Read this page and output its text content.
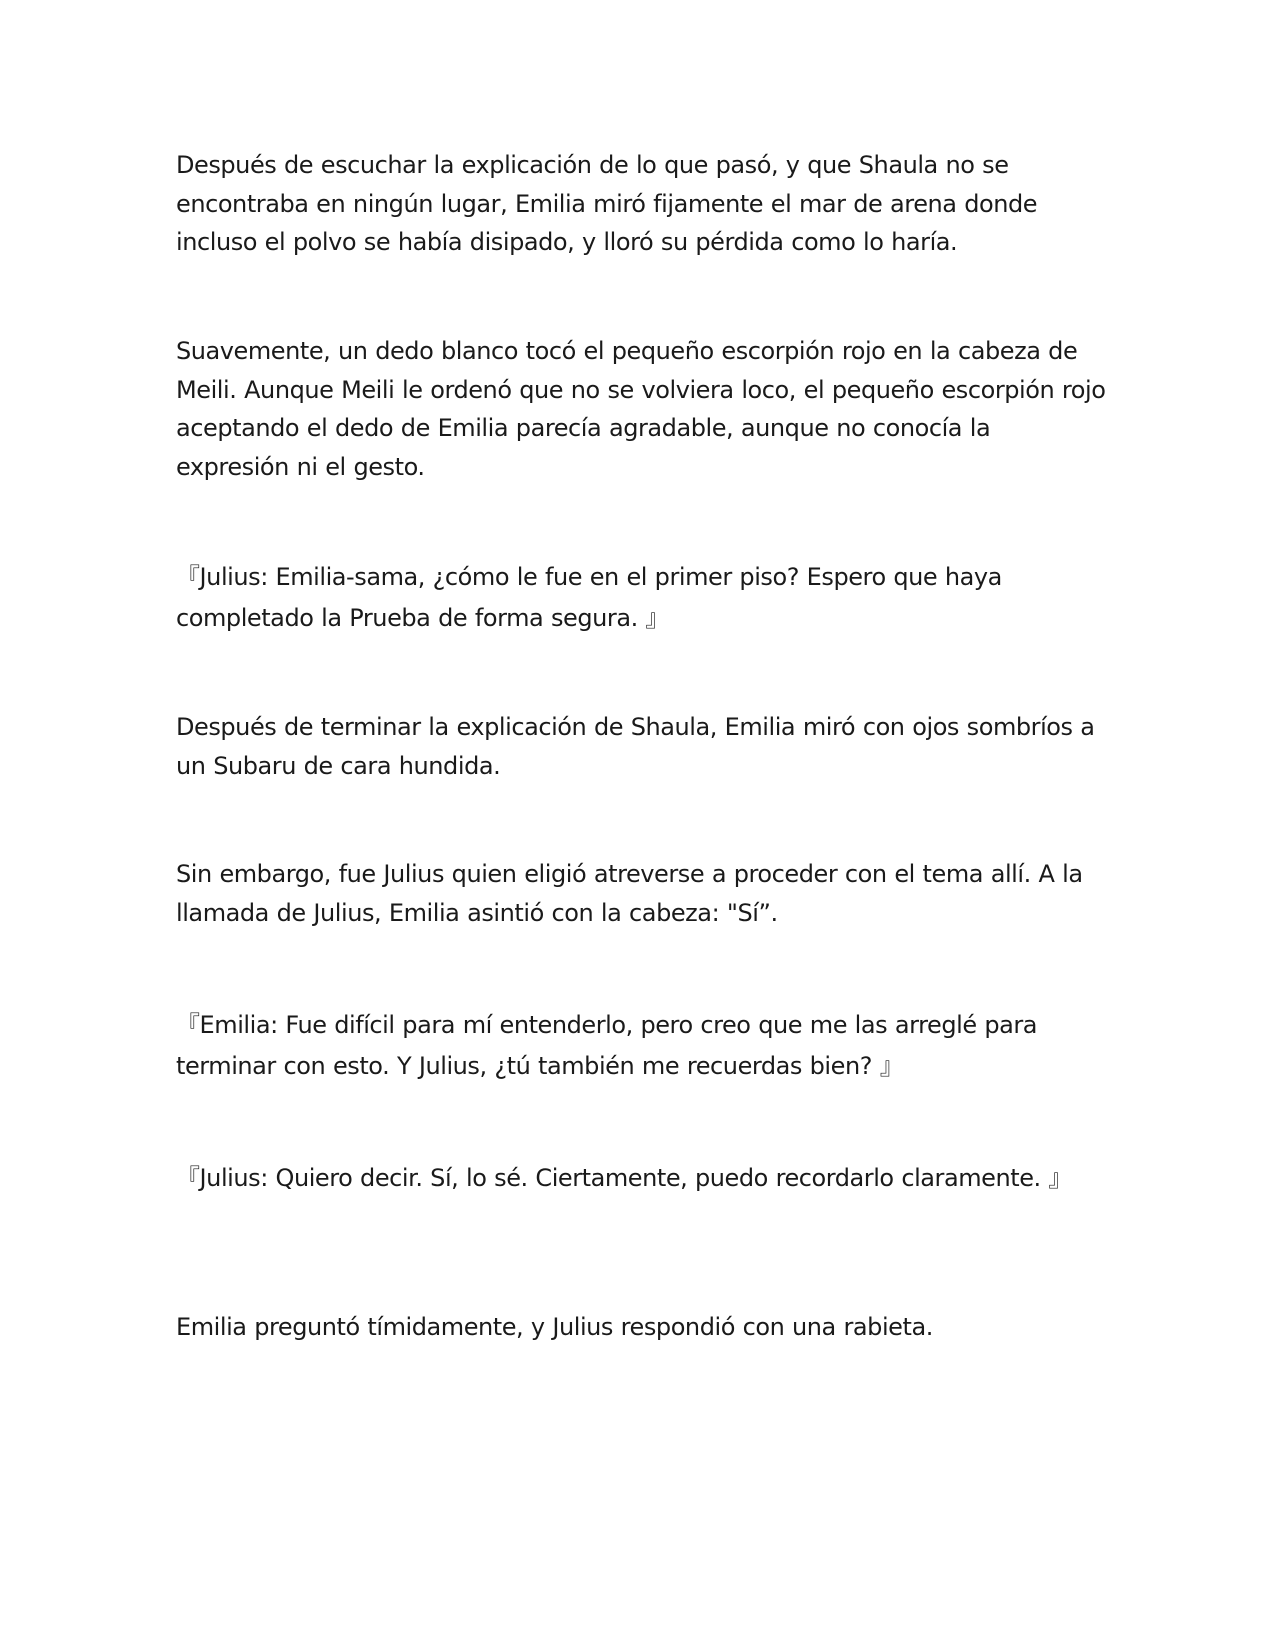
Después de escuchar la explicación de lo que pasó, y que Shaula no se encontraba en ningún lugar, Emilia miró fijamente el mar de arena donde incluso el polvo se había disipado, y lloró su pérdida como lo haría.

Suavemente, un dedo blanco tocó el pequeño escorpión rojo en la cabeza de Meili. Aunque Meili le ordenó que no se volviera loco, el pequeño escorpión rojo aceptando el dedo de Emilia parecía agradable, aunque no conocía la expresión ni el gesto.

『Julius: Emilia-sama, ¿cómo le fue en el primer piso? Espero que haya completado la Prueba de forma segura. 』

Después de terminar la explicación de Shaula, Emilia miró con ojos sombríos a un Subaru de cara hundida.

Sin embargo, fue Julius quien eligió atreverse a proceder con el tema allí. A la llamada de Julius, Emilia asintió con la cabeza: "Sí”.

『Emilia: Fue difícil para mí entenderlo, pero creo que me las arreglé para terminar con esto. Y Julius, ¿tú también me recuerdas bien? 』

『Julius: Quiero decir. Sí, lo sé. Ciertamente, puedo recordarlo claramente. 』

Emilia preguntó tímidamente, y Julius respondió con una rabieta.
